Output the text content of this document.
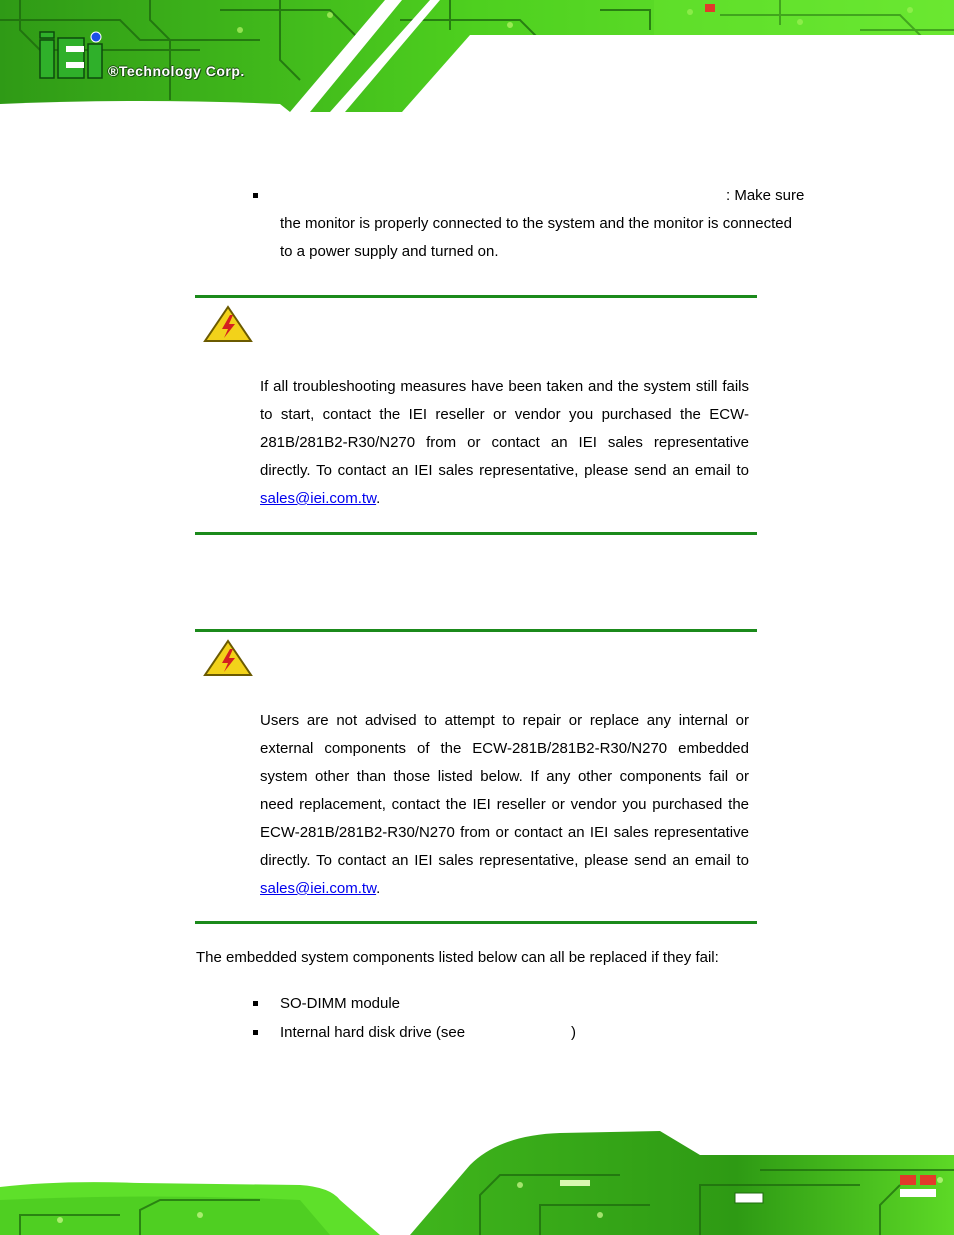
®Technology Corp.
: Make sure
the monitor is properly connected to the system and the monitor is connected
to a power supply and turned on.
If all troubleshooting measures have been taken and the system still fails to start, contact the IEI reseller or vendor you purchased the ECW-281B/281B2-R30/N270 from or contact an IEI sales representative directly. To contact an IEI sales representative, please send an email to sales@iei.com.tw.
Users are not advised to attempt to repair or replace any internal or external components of the ECW-281B/281B2-R30/N270 embedded system other than those listed below. If any other components fail or need replacement, contact the IEI reseller or vendor you purchased the ECW-281B/281B2-R30/N270 from or contact an IEI sales representative directly. To contact an IEI sales representative, please send an email to sales@iei.com.tw.
The embedded system components listed below can all be replaced if they fail:
SO-DIMM module
Internal hard disk drive (see	)
